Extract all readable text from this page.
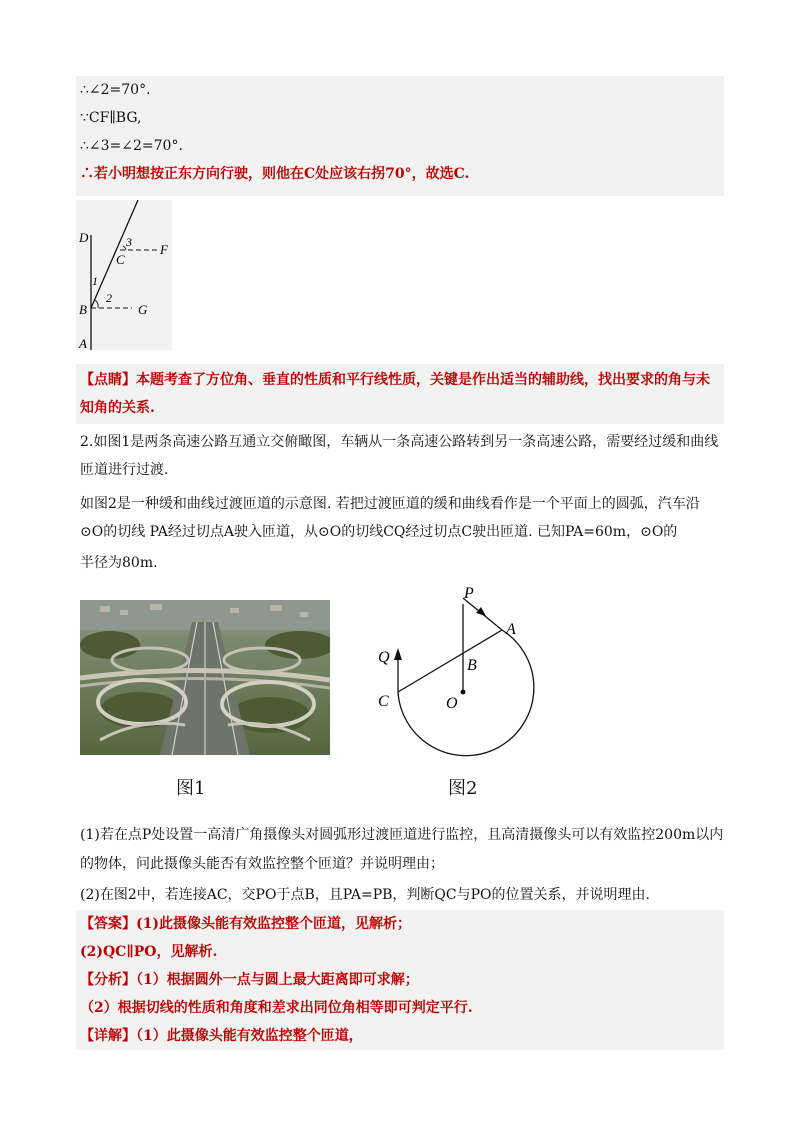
∴∠2=70°.
∵CF∥BG,
∴∠3=∠2=70°.
∴若小明想按正东方向行驶，则他在C处应该右拐70°，故选C.
D
C
F
B	G
A
1
2
3
【点睛】本题考查了方位角、垂直的性质和平行线性质，关键是作出适当的辅助线，找出要求的角与未
知角的关系.
2.如图1是两条高速公路互通立交俯瞰图，车辆从一条高速公路转到另一条高速公路，需要经过缓和曲线
匝道进行过渡.
如图2是一种缓和曲线过渡匝道的示意图. 若把过渡匝道的缓和曲线看作是一个平面上的圆弧，汽车沿
⊙O的切线 PA经过切点A驶入匝道，从⊙O的切线CQ经过切点C驶出匝道. 已知PA=60m，⊙O的
半径为80m.
P
A
Q	B
C	O
图1	图2
(1)若在点P处设置一高清广角摄像头对圆弧形过渡匝道进行监控，且高清摄像头可以有效监控200m以内
的物体，问此摄像头能否有效监控整个匝道？并说明理由；
(2)在图2中，若连接AC，交PO于点B，且PA=PB，判断QC与PO的位置关系，并说明理由.
【答案】(1)此摄像头能有效监控整个匝道，见解析；
(2)QC∥PO，见解析.
【分析】（1）根据圆外一点与圆上最大距离即可求解；
（2）根据切线的性质和角度和差求出同位角相等即可判定平行.
【详解】（1）此摄像头能有效监控整个匝道，
